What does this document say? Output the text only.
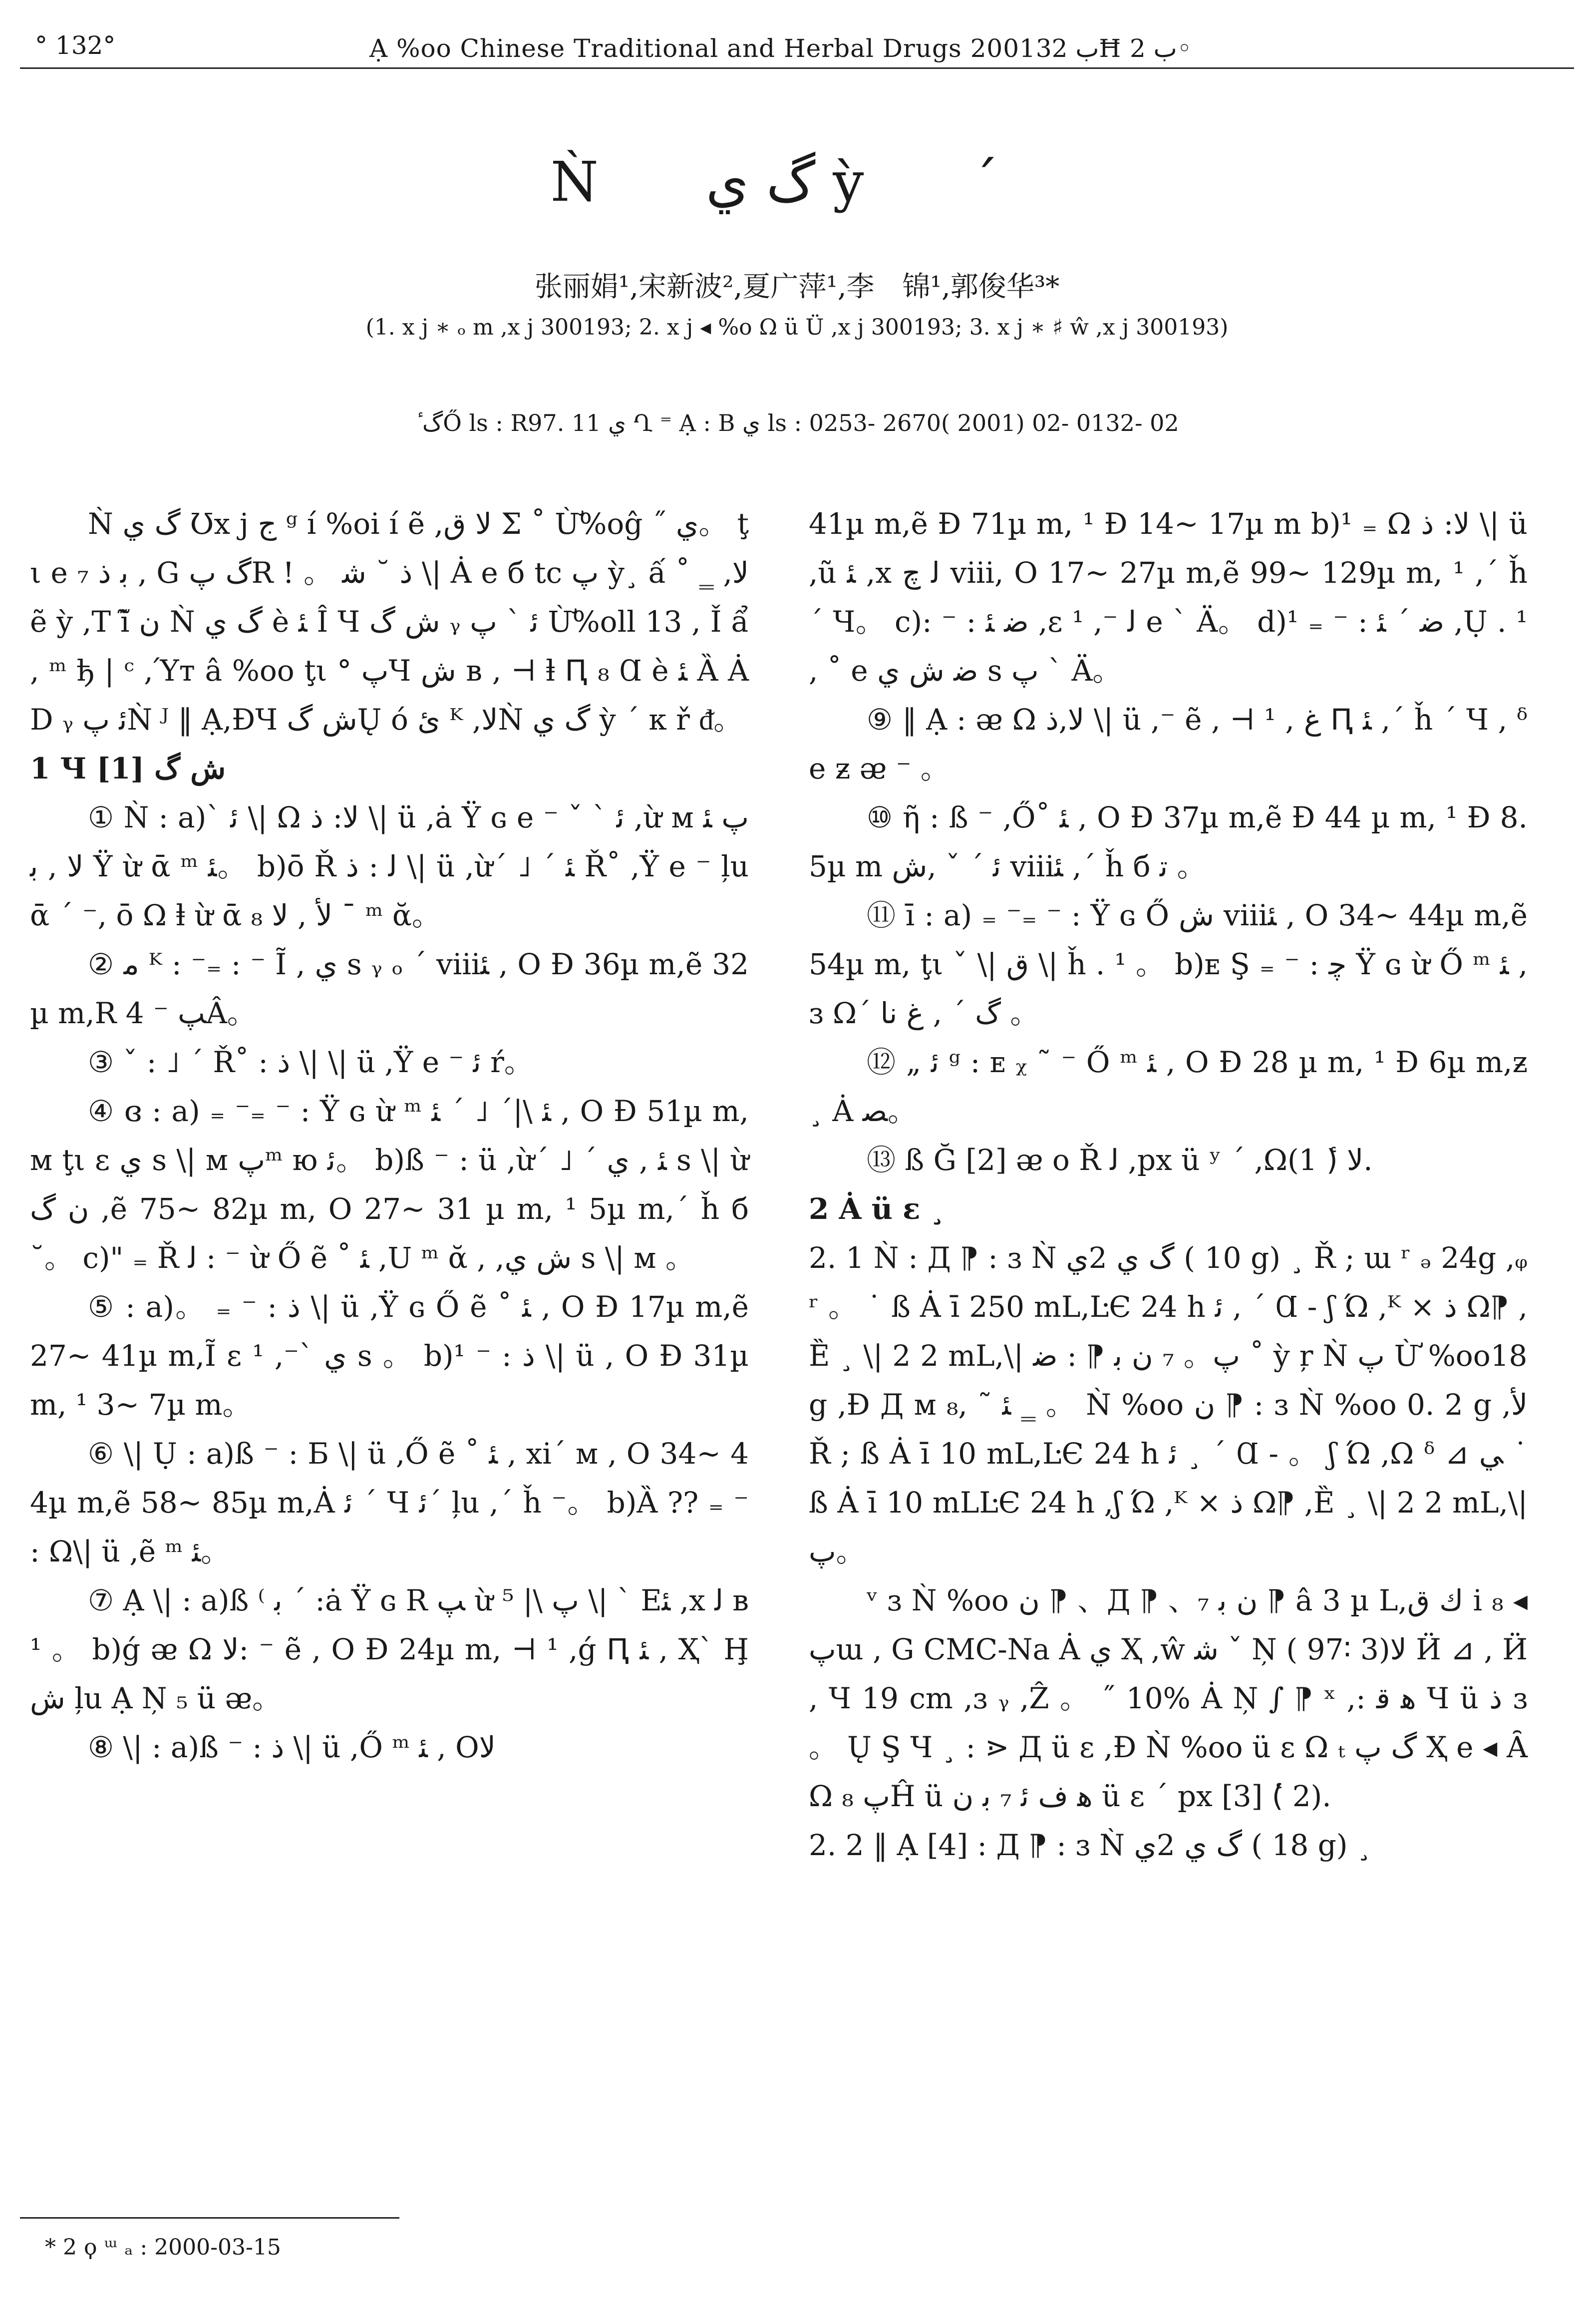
° 132°	Ạ %oo Chinese Traditional and Herbal Drugs 2001ب 32Ħ ب 2◦
Ǹ گ ي ỳ ´
张丽娟¹,宋新波²,夏广萍¹,李　锦¹,郭俊华³*
(1. x j ∗ ₒ m ,x j 300193; 2. x j ◂ %o Ω ü Ü ,x j 300193; 3. x j ∗ ♯ ŵ ,x j 300193)
ٔ گŐ ls : R97. 11 ي Ղ ⁼ Ạ : B ي ls : 0253- 2670( 2001) 02- 0132- 02

Ǹ گ ي Ʊx j ج ᵍ í %oi í ẽ ,ﻻ ﻕ Σ ˚ Ừ%oĝ ˝ ي。 ţι e ₇ ﺑ ﺫ , G گ پR ! 。 ﺫ ˘ ﺷ \| Ȧ e б tc پ ỳ¸ ấ ˚ ‗ ,ﻻ ẽ ỳ ,T ĩ̃ ﻥ Ǹ گ ي è ﺌ Î Ч ﺵ گ ᵧ ﺋ ` پ Ừ%oll 13 , Ǐ ẩ , ᵐ ђ | ᶜ ,Ύт â %oo ţι ° پЧ ﺵ в , ⊣ ⱡ Ԥ ₈ Ɑ è ﺌ Ȁ Ȧ D ᵧ ﺋ پǸ ᴶ ‖ Ạ,ĐЧ ﺵ گŲ ó ﺉ ᴷ ,ﻻǸ گ ي ỳ ´ к ř ᵭ。

1 Ч ﺵ گ [1]

① Ǹ : a)` ﺋ \| Ω ﻻ: ﺫ \| ü ,ȧ Ÿ ɢ e ⁻ ˇ ` ﺋ ,ừ ᴍ پ ﺌ ﻻ , ﺑ Ÿ ừ ᾱ ᵐ ﺌ。 b)ō Ř ﻟ : ﺫ \| ü ,ừ´ ˩ ´ ﺌ Ř˚ ,Ÿ e ⁻ ļu ᾱ ´ ⁻, ō Ω ⱡ ừ ᾱ ﻷ , ﻻ ₈ ˉ ᵐ ᾰ。

② ﻣ ᴷ : ⁻₌ : ⁻ Ĩ , ي s ᵧ ₒ ´ viiiﺌ , O Ð 36µ m,ẽ 32µ m,R ﭗ ⁻ 4Â。

③ ˇ : ˩ ´ Ř˚ : ﺫ \| \| ü ,Ÿ e ⁻ ﺋ ŕ。

④ ɞ : a) ₌ ⁻₌ ⁻ : Ÿ ɢ ừ ᵐ ﺌ \|´ ˩ ´ ﺌ , O Ð 51µ m,ᴍ ţι ɛ ي s \| ᴍ پᵐ ю ﺋ。 b)ß ⁻ : ü ,ừ´ ˩ ´ ﺌ , ي s \| ừ ﻥ گ ,ẽ 75~ 82µ m, O 27~ 31 µ m, ¹ 5µ m,´ ȟ б ˘。 c)" ₌ Ř ﻟ : ⁻ ừ Ő ẽ ˚ ﺌ ,U ᵐ ᾰ , ,ﺵ ي s \| ᴍ 。

⑤ : a)。 ₌ ⁻ : ﺫ \| ü ,Ÿ ɢ Ő ẽ ˚ ﺌ , O Ð 17µ m,ẽ 27~ 41µ m,Ĩ ɛ ¹ ,⁻` ي s 。 b)¹ ⁻ : ﺫ \| ü , O Ð 31µ m, ¹ 3~ 7µ m。

⑥ \| Ụ : a)ß ⁻ : Ƃ \| ü ,Ő ẽ ˚ ﺌ , xi´ ᴍ , O 34~ 44µ m,ẽ 58~ 85µ m,Ȧ ﺋ ´ Ч ﺋ´ ļu ,´ ȟ ⁻。 b)Ȁ ?? ₌ ⁻ : Ω\| ü ,ẽ ᵐ ﺌ。

⑦ Ạ \| : a)ß ⁽ ﺑ ´ :ȧ Ÿ ɢ R ﭗ ừ پ \| ⁵ \| ` Eﺌ ,x ﻟ в ¹ 。 b)ǵ ᴂ Ω ﻻ: ⁻ ẽ , O Ð 24µ m, ⊣ ¹ ,ǵ Ԥ ﺌ , Ҳ` Ḩﺵ ļu Ạ Ņ ₅ ü ᴂ。

⑧ \| : a)ß ⁻ : ﺫ \| ü ,Ő ᵐ ﺌ , Oﻻ

41µ m,ẽ Ð 71µ m, ¹ Ð 14~ 17µ m b)¹ ₌ Ω ﻻ: ﺫ \| ü ,ũ ﺌ ,x ﻟ ﭺ viii, O 17~ 27µ m,ẽ 99~ 129µ m, ¹ ,´ ȟ ´ Ч。 c): ⁻ : ﺿ ﺌ ,ɛ ¹ ,⁻ ﻟ e ` Ä。 d)¹ ₌ ⁻ : ﺿ ´ ﺌ ,Ụ . ¹ , ˚ e ﺿ ﺵ ي s پ ` Ä。

⑨ ‖ Ạ : ᴂ Ω ﻻ,ﺫ \| ü ,⁻ ẽ , ⊣ ¹ , ﻍ Ԥ ﺌ ,´ ȟ ´ Ч , ᵟ e ƶ ᴂ ⁻ 。

⑩ ῆ : ß ⁻ ,Ő˚ ﺌ , O Ð 37µ m,ẽ Ð 44 µ m, ¹ Ð 8. 5µ m ﺋ ´ ˇ ,ﺵ viiiﺌ ,´ ȟ б ﺗ 。

⑪ ī : a) ₌ ⁻₌ ⁻ : Ÿ ɢ Ő ﺵ viiiﺌ , O 34~ 44µ m,ẽ 54µ m, ţι ˇ \| ﻕ \| ȟ . ¹ 。 b)ᴇ Ş ₌ ⁻ : ﭼ Ÿ ɢ ừ Ő ᵐ ﺌ ,ɜ Ω´ گ ´ , ﻍ ﻧﺎ 。

⑫ „ ﺋ ᵍ : ᴇ ᵪ ˜ ⁻ Ő ᵐ ﺌ , O Ð 28 µ m, ¹ Ð 6µ m,ƶ ¸ Ȧ ﺼ。

⑬ ß Ğ [2] ᴂ o Ř ﻟ ,px ü ʸ ´ ,Ωﻻ (ٔ 1).

2 Ȧ ü ɛ ¸

2. 1 Ǹ : Д ⁋ : ɜ Ǹ گ ي 2ي ( 10 g) ¸ Ř ; ɯ ʳ ₔ 24g ,ᵩ ʳ 。 ˙ ß Ȧ ī 250 mL,ĿЄ 24 h ﺋ , ´ Ɑ - ʃ Ώ ,ᴷ ⨯ ﺫ Ω⁋ ,Ȅ ¸ \| 2 2 mL,\| پ。 ₇ ﻥ ﺑ ⁋ : ﺿ ˚ ỳ ŗ Ǹ پ Ừ %oo18 g ,Đ Д ᴍ ﺌ ˜ ,₈ ‗ 。 Ǹ %oo ﻥ ⁋ : ɜ Ǹ %oo 0. 2 g ,ﻷ Ř ; ß Ȧ ī 10 mL,ĿЄ 24 h ﺋ ¸ ´ Ɑ - 。 ʃ Ώ ,Ω ᵟ ⊿ ﻲ ˙ ß Ȧ ī 10 mLĿЄ 24 h ,ʃ Ώ ,ᴷ ⨯ ﺫ Ω⁋ ,Ȅ ¸ \| 2 2 mL,\| پ。

ᵛ ɜ Ǹ %oo ﻥ ⁋ 、Д ⁋ 、₇ ﻥ ﺑ ⁋ â 3 µ L,ﻙ ﻕ i ₈ ◂ پɯ , G CMC-Na Ȧ ي Ҳ ,ŵ ﺷ ˇ Ņ ( 97∶ 3)ﻻ Ӥ ⊿ , Ӥ , Ч 19 cm ,ɜ ᵧ ,Ẑ 。 ˝ 10% Ȧ Ņ ∫ ⁋ ˣ ,: ﻫ ﻗ Ч ü ﺫ ɜ 。 Ų Ş Ч ¸ : ⋗ Д ü ɛ ,Đ Ǹ %oo ü ɛ Ω ₜ گ پ Ҳ e ◂ Ȃ Ω ₈ پĤ ü ﻫ ﻑ ﺋ ₇ ﺑ ﻥ ü ɛ ´ px [3] (ٔ 2).

2. 2 ‖ Ạ [4] : Д ⁋ : ɜ Ǹ گ ي 2ي ( 18 g) ¸

* 2 ϙ ᵚ ₐ : 2000-03-15
